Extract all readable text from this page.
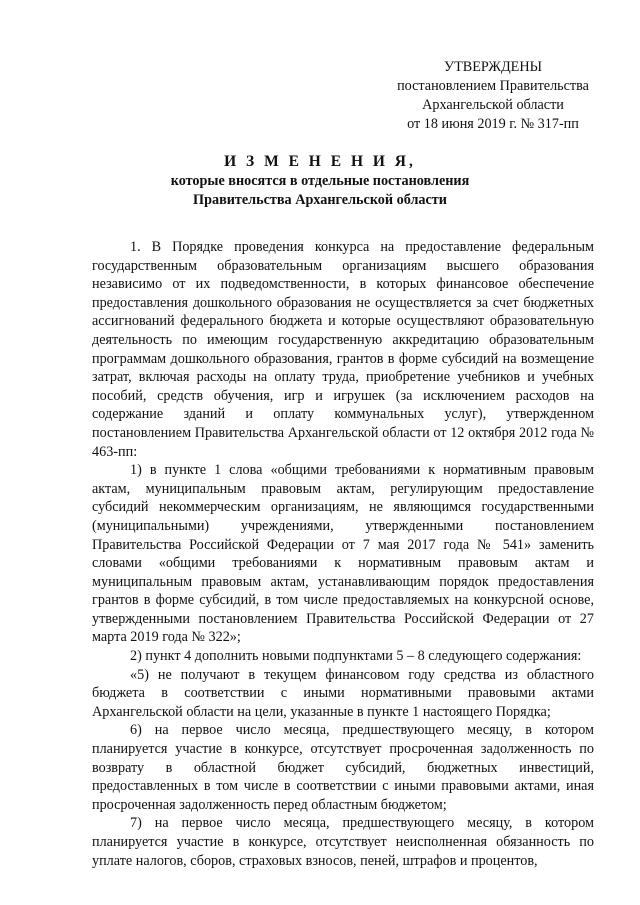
УТВЕРЖДЕНЫ
постановлением Правительства
Архангельской области
от 18 июня 2019 г. № 317-пп
И З М Е Н Е Н И Я,
которые вносятся в отдельные постановления
Правительства Архангельской области

1. В Порядке проведения конкурса на предоставление федеральным государственным образовательным организациям высшего образования независимо от их подведомственности, в которых финансовое обеспечение предоставления дошкольного образования не осуществляется за счет бюджетных ассигнований федерального бюджета и которые осуществляют образовательную деятельность по имеющим государственную аккредитацию образовательным программам дошкольного образования, грантов в форме субсидий на возмещение затрат, включая расходы на оплату труда, приобретение учебников и учебных пособий, средств обучения, игр и игрушек (за исключением расходов на содержание зданий и оплату коммунальных услуг), утвержденном постановлением Правительства Архангельской области от 12 октября 2012 года № 463-пп:

1) в пункте 1 слова «общими требованиями к нормативным правовым актам, муниципальным правовым актам, регулирующим предоставление субсидий некоммерческим организациям, не являющимся государственными (муниципальными) учреждениями, утвержденными постановлением Правительства Российской Федерации от 7 мая 2017 года № 541» заменить словами «общими требованиями к нормативным правовым актам и муниципальным правовым актам, устанавливающим порядок предоставления грантов в форме субсидий, в том числе предоставляемых на конкурсной основе, утвержденными постановлением Правительства Российской Федерации от 27 марта 2019 года № 322»;

2) пункт 4 дополнить новыми подпунктами 5 – 8 следующего содержания:

«5) не получают в текущем финансовом году средства из областного бюджета в соответствии с иными нормативными правовыми актами Архангельской области на цели, указанные в пункте 1 настоящего Порядка;

6) на первое число месяца, предшествующего месяцу, в котором планируется участие в конкурсе, отсутствует просроченная задолженность по возврату в областной бюджет субсидий, бюджетных инвестиций, предоставленных в том числе в соответствии с иными правовыми актами, иная просроченная задолженность перед областным бюджетом;

7) на первое число месяца, предшествующего месяцу, в котором планируется участие в конкурсе, отсутствует неисполненная обязанность по уплате налогов, сборов, страховых взносов, пеней, штрафов и процентов,
